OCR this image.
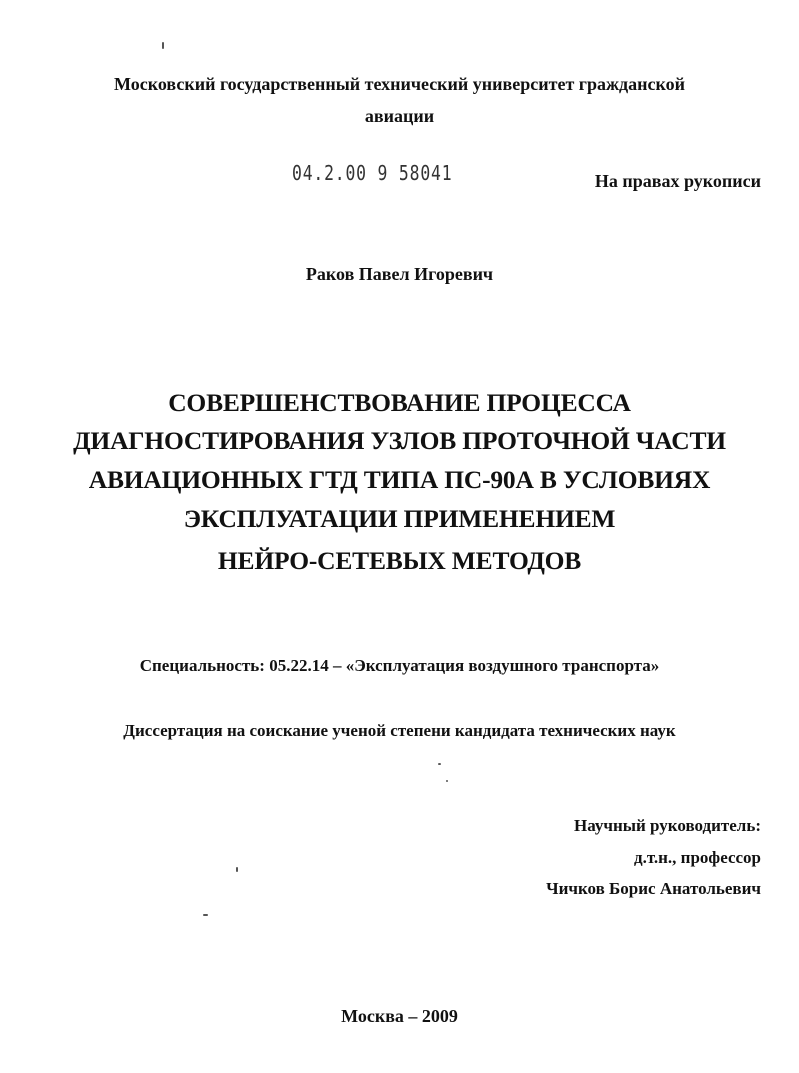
Московский государственный технический университет гражданской
авиации
04.2.00 9 58041	На правах рукописи
Раков Павел Игоревич
СОВЕРШЕНСТВОВАНИЕ ПРОЦЕССА
ДИАГНОСТИРОВАНИЯ УЗЛОВ ПРОТОЧНОЙ ЧАСТИ
АВИАЦИОННЫХ ГТД ТИПА ПС-90А В УСЛОВИЯХ
ЭКСПЛУАТАЦИИ ПРИМЕНЕНИЕМ
НЕЙРО-СЕТЕВЫХ МЕТОДОВ
Специальность: 05.22.14 – «Эксплуатация воздушного транспорта»
Диссертация на соискание ученой степени кандидата технических наук
Научный руководитель:
д.т.н., профессор
Чичков Борис Анатольевич
Москва – 2009
